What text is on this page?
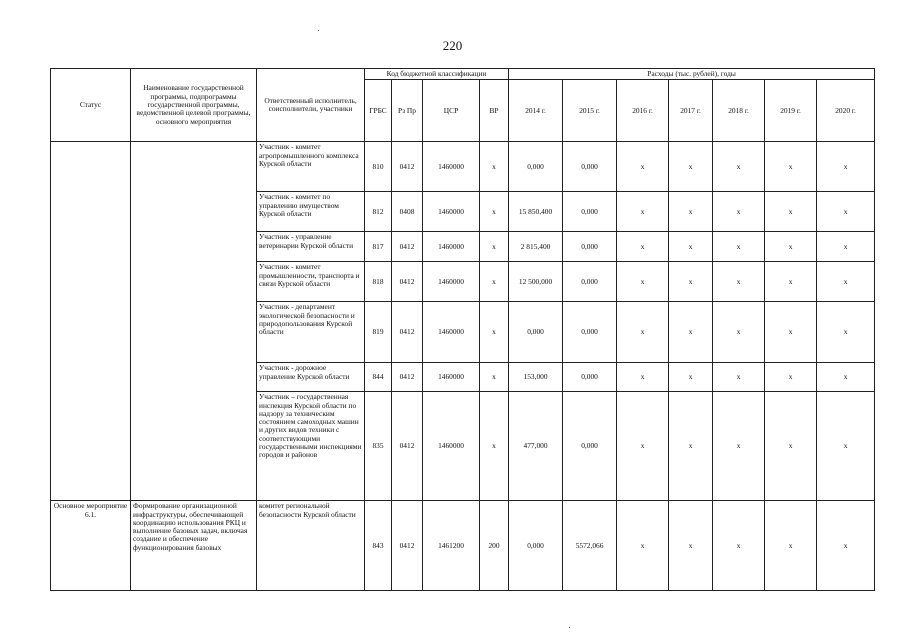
220
Статус	Наименование государственной программы, подпрограммы государственной программы, ведомственной целевой программы, основного мероприятия	Ответственный исполнитель, соисполнители, участники	Код бюджетной классификации				Расходы (тыс. рублей), годы						
			ГРБС	Рз Пр	ЦСР	ВР	2014 г.	2015 г.	2016 г.	2017 г.	2018 г.	2019 г.	2020 г.
		Участник - комитет агропромышленного комплекса Курской области	810	0412	1460000	х	0,000	0,000	х	х	х	х	х
		Участник - комитет по управлению имуществом Курской области	812	0408	1460000	х	15 850,400	0,000	х	х	х	х	х
		Участник - управление ветеринарии Курской области	817	0412	1460000	х	2 815,400	0,000	х	х	х	х	х
		Участник - комитет промышленности, транспорта и связи Курской области	818	0412	1460000	х	12 500,000	0,000	х	х	х	х	х
		Участник - департамент экологической безопасности и природопользования Курской области	819	0412	1460000	х	0,000	0,000	х	х	х	х	х
		Участник - дорожное управление Курской области	844	0412	1460000	х	153,000	0,000	х	х	х	х	х
		Участник – государственная инспекция Курской области по надзору за техническим состоянием самоходных машин и других видов техники с соответствующими государственными инспекциями городов и районов	835	0412	1460000	х	477,000	0,000	х	х	х	х	х
Основное мероприятие 6.1.	Формирование организационной инфраструктуры, обеспечивающей координацию использования РКЦ и выполнение базовых задач, включая создание и обеспечение функционирования базовых	комитет региональной безопасности Курской области	843	0412	1461200	200	0,000	5572,066	х	х	х	х	х
